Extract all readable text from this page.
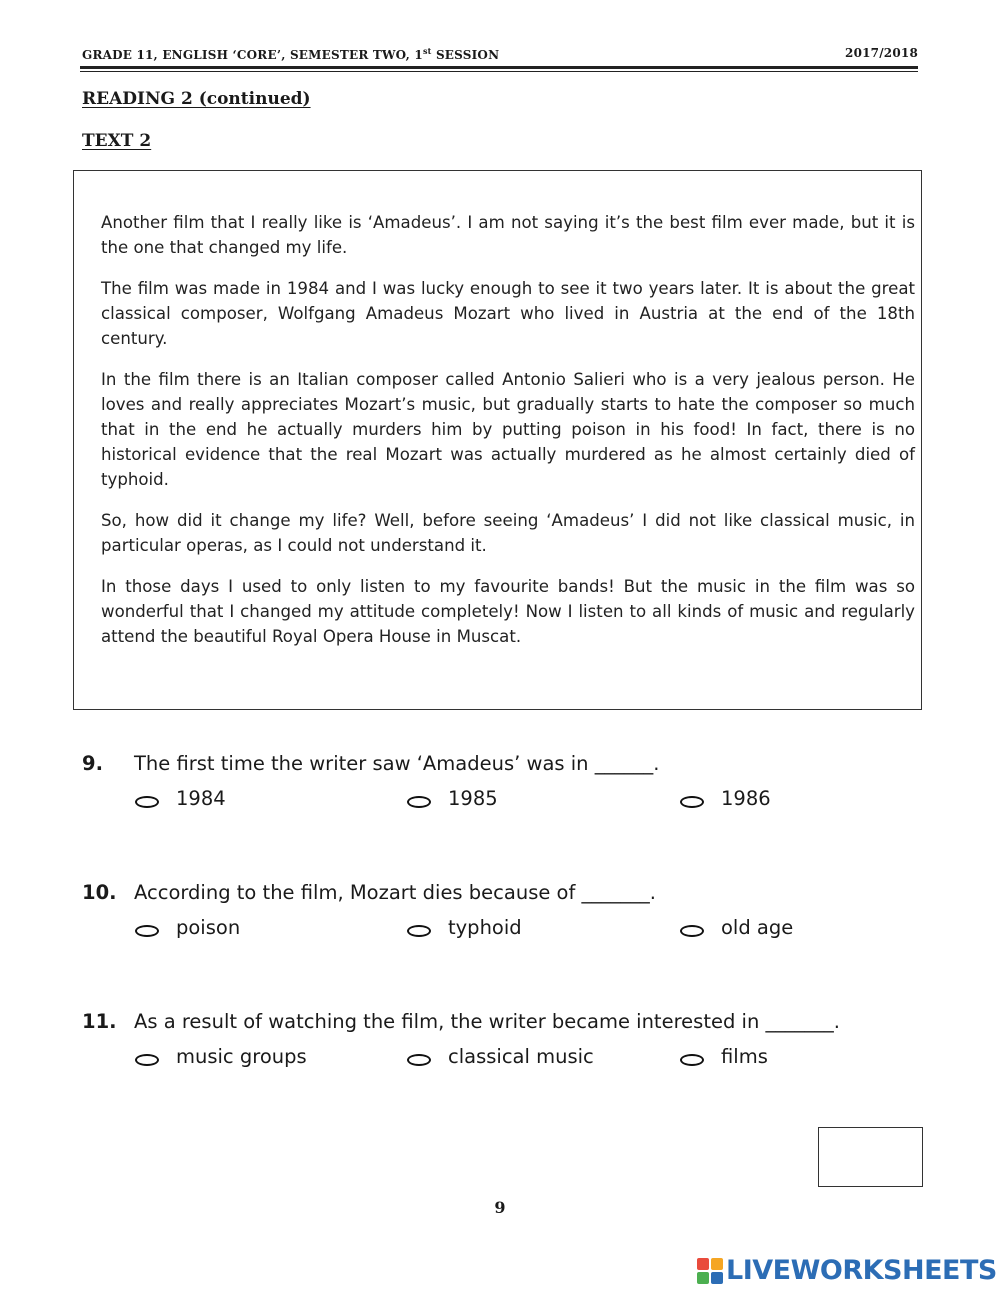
GRADE 11, ENGLISH ‘CORE’, SEMESTER TWO, 1st SESSION	2017/2018
READING 2 (continued)
TEXT 2

Another film that I really like is ‘Amadeus’. I am not saying it’s the best film ever made, but it is the one that changed my life.

The film was made in 1984 and I was lucky enough to see it two years later. It is about the great classical composer, Wolfgang Amadeus Mozart who lived in Austria at the end of the 18th century.

In the film there is an Italian composer called Antonio Salieri who is a very jealous person. He loves and really appreciates Mozart’s music, but gradually starts to hate the composer so much that in the end he actually murders him by putting poison in his food! In fact, there is no historical evidence that the real Mozart was actually murdered as he almost certainly died of typhoid.

So, how did it change my life? Well, before seeing ‘Amadeus’ I did not like classical music, in particular operas, as I could not understand it.

In those days I used to only listen to my favourite bands! But the music in the film was so wonderful that I changed my attitude completely! Now I listen to all kinds of music and regularly attend the beautiful Royal Opera House in Muscat.

9.	The first time the writer saw ‘Amadeus’ was in ______.
1984	1985	1986
10. According to the film, Mozart dies because of _______.
poison	typhoid	old age
11. As a result of watching the film, the writer became interested in _______.
music groups	classical music	films
9
LIVEWORKSHEETS
